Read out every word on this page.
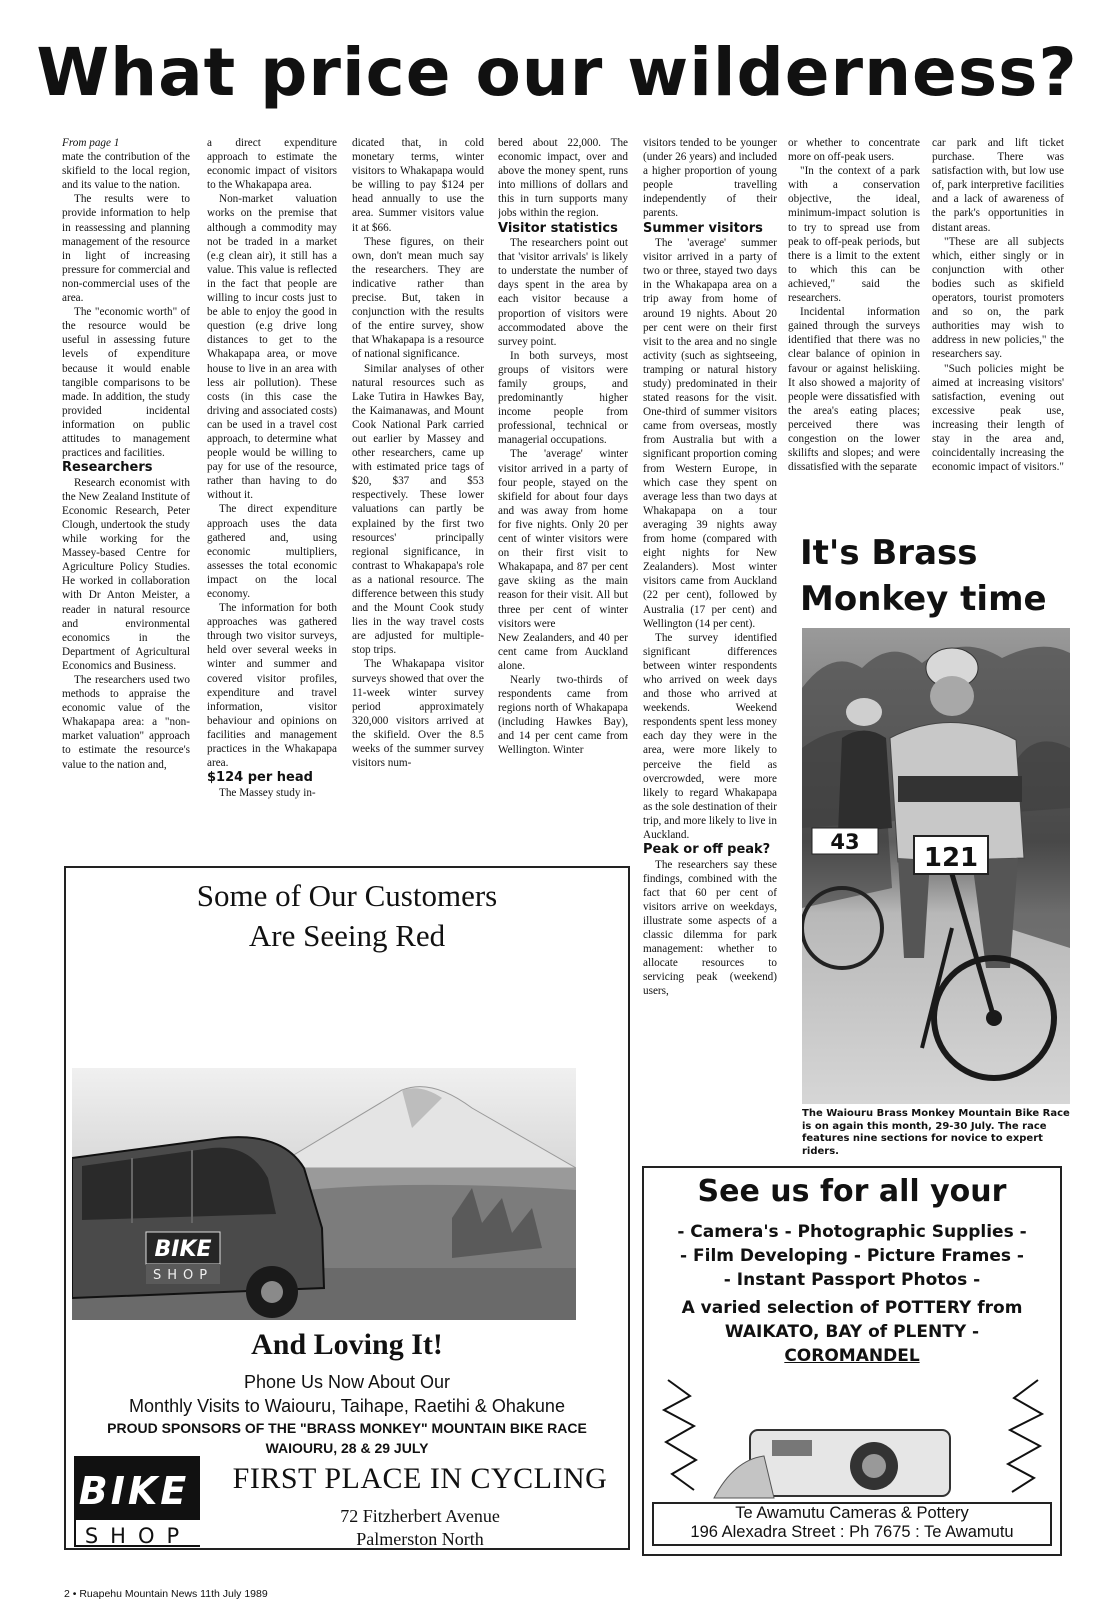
What price our wilderness?
From page 1

mate the contribution of the skifield to the local region, and its value to the nation.

The results were to provide information to help in reassessing and planning management of the resource in light of increasing pressure for commercial and non-commercial uses of the area.

The "economic worth" of the resource would be useful in assessing future levels of expenditure because it would enable tangible comparisons to be made. In addition, the study provided incidental information on public attitudes to management practices and facilities.

Researchers

Research economist with the New Zealand Institute of Economic Research, Peter Clough, undertook the study while working for the Massey-based Centre for Agriculture Policy Studies. He worked in collaboration with Dr Anton Meister, a reader in natural resource and environmental economics in the Department of Agricultural Economics and Business.

The researchers used two methods to appraise the economic value of the Whakapapa area: a "non-market valuation" approach to estimate the resource's value to the nation and,

a direct expenditure approach to estimate the economic impact of visitors to the Whakapapa area.

Non-market valuation works on the premise that although a commodity may not be traded in a market (e.g clean air), it still has a value. This value is reflected in the fact that people are willing to incur costs just to be able to enjoy the good in question (e.g drive long distances to get to the Whakapapa area, or move house to live in an area with less air pollution). These costs (in this case the driving and associated costs) can be used in a travel cost approach, to determine what people would be willing to pay for use of the resource, rather than having to do without it.

The direct expenditure approach uses the data gathered and, using economic multipliers, assesses the total economic impact on the local economy.

The information for both approaches was gathered through two visitor surveys, held over several weeks in winter and summer and covered visitor profiles, expenditure and travel information, visitor behaviour and opinions on facilities and management practices in the Whakapapa area.

$124 per head

The Massey study in-

dicated that, in cold monetary terms, winter visitors to Whakapapa would be willing to pay $124 per head annually to use the area. Summer visitors value it at $66.

These figures, on their own, don't mean much say the researchers. They are indicative rather than precise. But, taken in conjunction with the results of the entire survey, show that Whakapapa is a resource of national significance.

Similar analyses of other natural resources such as Lake Tutira in Hawkes Bay, the Kaimanawas, and Mount Cook National Park carried out earlier by Massey and other researchers, came up with estimated price tags of $20, $37 and $53 respectively. These lower valuations can partly be explained by the first two resources' principally regional significance, in contrast to Whakapapa's role as a national resource. The difference between this study and the Mount Cook study lies in the way travel costs are adjusted for multiple-stop trips.

The Whakapapa visitor surveys showed that over the 11-week winter survey period approximately 320,000 visitors arrived at the skifield. Over the 8.5 weeks of the summer survey visitors num-

bered about 22,000. The economic impact, over and above the money spent, runs into millions of dollars and this in turn supports many jobs within the region.

Visitor statistics

The researchers point out that 'visitor arrivals' is likely to understate the number of days spent in the area by each visitor because a proportion of visitors were accommodated above the survey point.

In both surveys, most groups of visitors were family groups, and predominantly higher income people from professional, technical or managerial occupations.

The 'average' winter visitor arrived in a party of four people, stayed on the skifield for about four days and was away from home for five nights. Only 20 per cent of winter visitors were on their first visit to Whakapapa, and 87 per cent gave skiing as the main reason for their visit. All but three per cent of winter visitors were

New Zealanders, and 40 per cent came from Auckland alone.

Nearly two-thirds of respondents came from regions north of Whakapapa (including Hawkes Bay), and 14 per cent came from Wellington. Winter

visitors tended to be younger (under 26 years) and included a higher proportion of young people travelling independently of their parents.

Summer visitors

The 'average' summer visitor arrived in a party of two or three, stayed two days in the Whakapapa area on a trip away from home of around 19 nights. About 20 per cent were on their first visit to the area and no single activity (such as sightseeing, tramping or natural history study) predominated in their stated reasons for the visit. One-third of summer visitors came from overseas, mostly from Australia but with a significant proportion coming from Western Europe, in which case they spent on average less than two days at Whakapapa on a tour averaging 39 nights away from home (compared with eight nights for New Zealanders). Most winter visitors came from Auckland (22 per cent), followed by Australia (17 per cent) and Wellington (14 per cent).

The survey identified significant differences between winter respondents who arrived on week days and those who arrived at weekends. Weekend respondents spent less money each day they were in the area, were more likely to perceive the field as overcrowded, were more likely to regard Whakapapa as the sole destination of their trip, and more likely to live in Auckland.

Peak or off peak?

The researchers say these findings, combined with the fact that 60 per cent of visitors arrive on weekdays, illustrate some aspects of a classic dilemma for park management: whether to allocate resources to servicing peak (weekend) users,

or whether to concentrate more on off-peak users.

"In the context of a park with a conservation objective, the ideal, minimum-impact solution is to try to spread use from peak to off-peak periods, but there is a limit to the extent to which this can be achieved," said the researchers.

Incidental information gained through the surveys identified that there was no clear balance of opinion in favour or against heliskiing. It also showed a majority of people were dissatisfied with the area's eating places; perceived there was congestion on the lower skilifts and slopes; and were dissatisfied with the separate

car park and lift ticket purchase. There was satisfaction with, but low use of, park interpretive facilities and a lack of awareness of the park's opportunities in distant areas.

"These are all subjects which, either singly or in conjunction with other bodies such as skifield operators, tourist promoters and so on, the park authorities may wish to address in new policies," the researchers say.

"Such policies might be aimed at increasing visitors' satisfaction, evening out excessive peak use, increasing their length of stay in the area and, coincidentally increasing the economic impact of visitors."

It's Brass
Monkey time
43
121
The Waiouru Brass Monkey Mountain Bike Race is on again this month, 29-30 July. The race features nine sections for novice to expert riders.
Some of Our Customers
Are Seeing Red
BIKE
SHOP
And Loving It!
Phone Us Now About Our
Monthly Visits to Waiouru, Taihape, Raetihi & Ohakune
PROUD SPONSORS OF THE "BRASS MONKEY" MOUNTAIN BIKE RACE
WAIOURU, 28 & 29 JULY
BIKE
SHOP
FIRST PLACE IN CYCLING
72 Fitzherbert Avenue
Palmerston North
See us for all your
- Camera's - Photographic Supplies -
- Film Developing - Picture Frames -
- Instant Passport Photos -
A varied selection of POTTERY from
WAIKATO, BAY of PLENTY -
COROMANDEL
Te Awamutu Cameras & Pottery
196 Alexadra Street : Ph 7675 : Te Awamutu
2 • Ruapehu Mountain News 11th July 1989
